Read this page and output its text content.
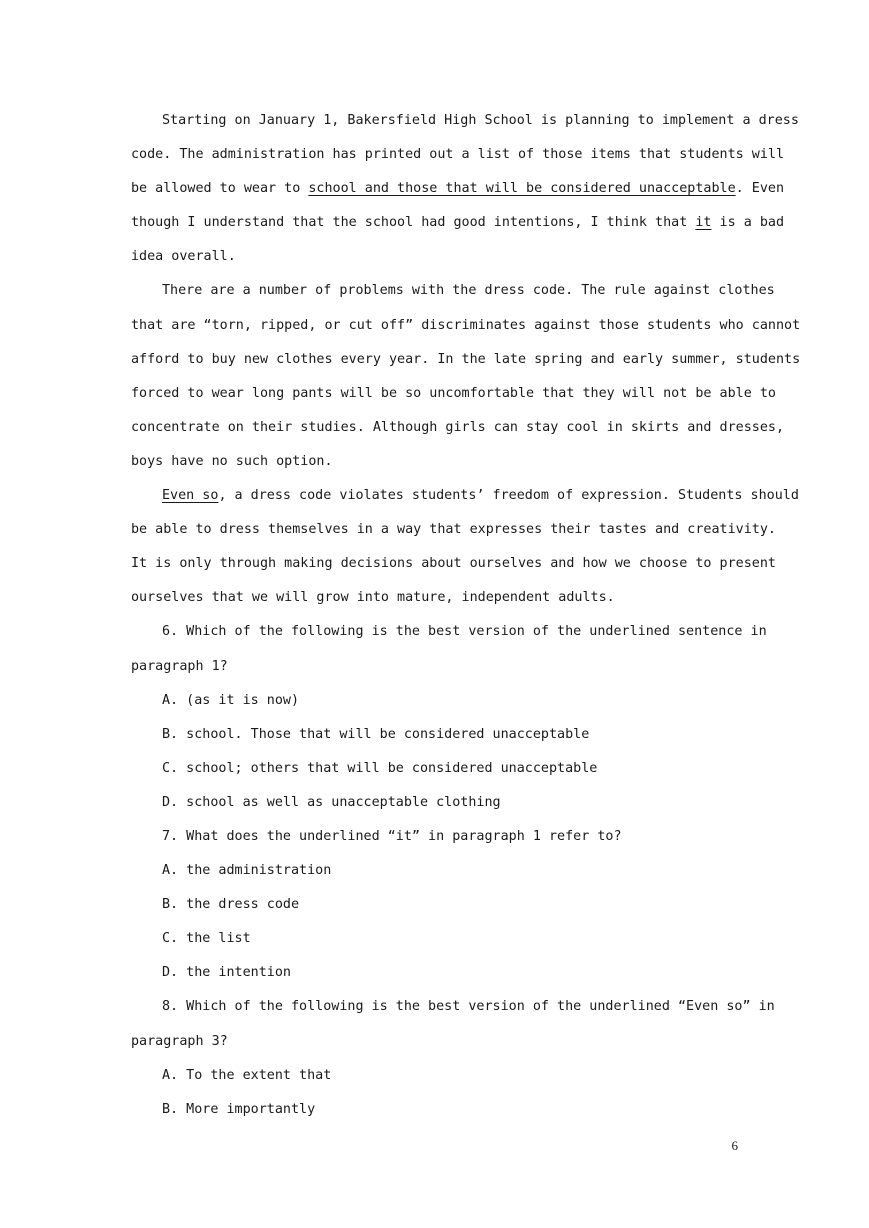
Starting on January 1, Bakersfield High School is planning to implement a dress
code. The administration has printed out a list of those items that students will
be allowed to wear to school and those that will be considered unacceptable. Even
though I understand that the school had good intentions, I think that it is a bad
idea overall.
There are a number of problems with the dress code. The rule against clothes
that are “torn, ripped, or cut off” discriminates against those students who cannot
afford to buy new clothes every year. In the late spring and early summer, students
forced to wear long pants will be so uncomfortable that they will not be able to
concentrate on their studies. Although girls can stay cool in skirts and dresses,
boys have no such option.
Even so, a dress code violates students’ freedom of expression. Students should
be able to dress themselves in a way that expresses their tastes and creativity.
It is only through making decisions about ourselves and how we choose to present
ourselves that we will grow into mature, independent adults.
6. Which of the following is the best version of the underlined sentence in
paragraph 1?
A. (as it is now)
B. school. Those that will be considered unacceptable
C. school; others that will be considered unacceptable
D. school as well as unacceptable clothing
7. What does the underlined “it” in paragraph 1 refer to?
A. the administration
B. the dress code
C. the list
D. the intention
8. Which of the following is the best version of the underlined “Even so” in
paragraph 3?
A. To the extent that
B. More importantly
6
